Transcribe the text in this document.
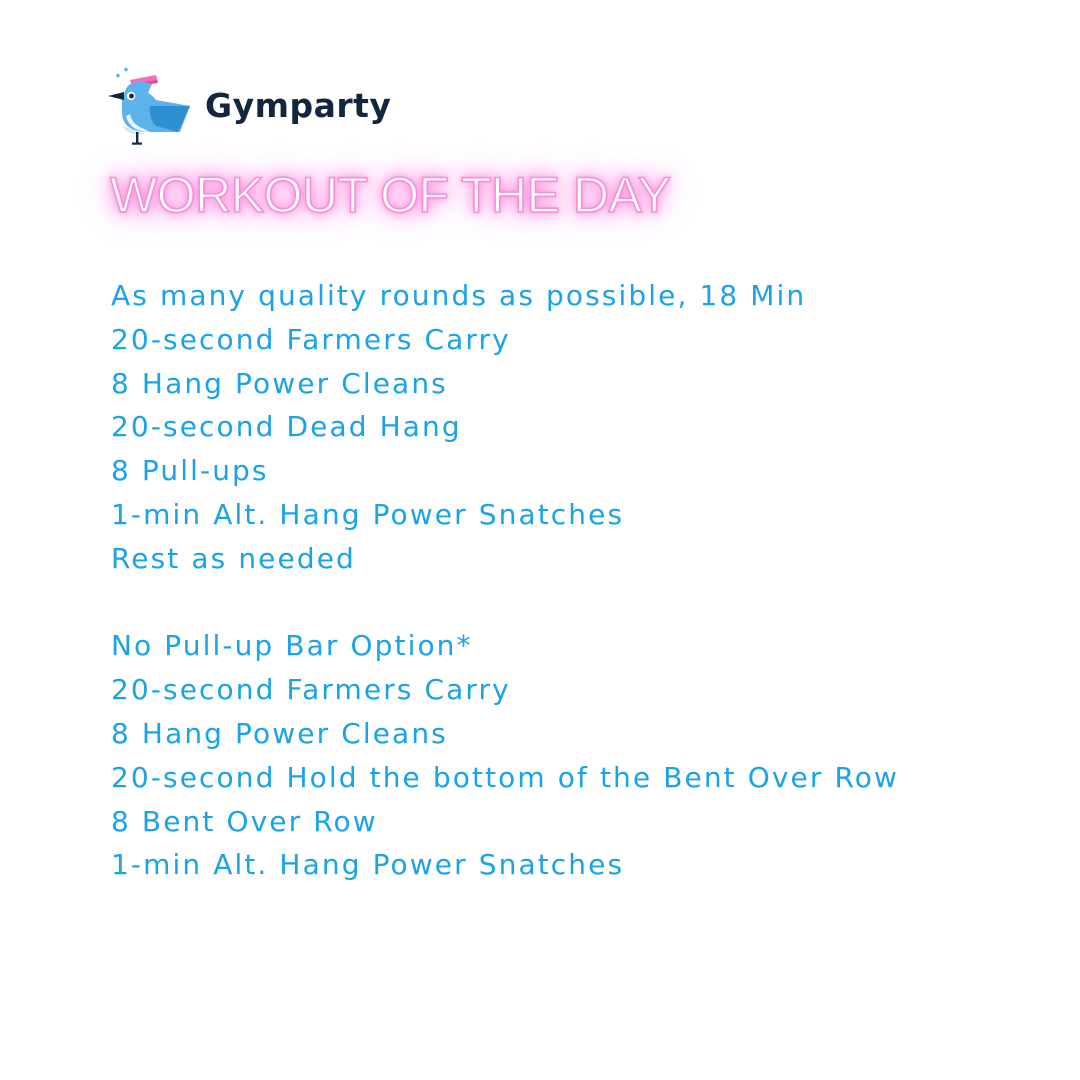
Gymparty
WORKOUT OF THE DAY
As many quality rounds as possible, 18 Min
20-second Farmers Carry
8 Hang Power Cleans
20-second Dead Hang
8 Pull-ups
1-min Alt. Hang Power Snatches
Rest as needed
No Pull-up Bar Option*
20-second Farmers Carry
8 Hang Power Cleans
20-second Hold the bottom of the Bent Over Row
8 Bent Over Row
1-min Alt. Hang Power Snatches
